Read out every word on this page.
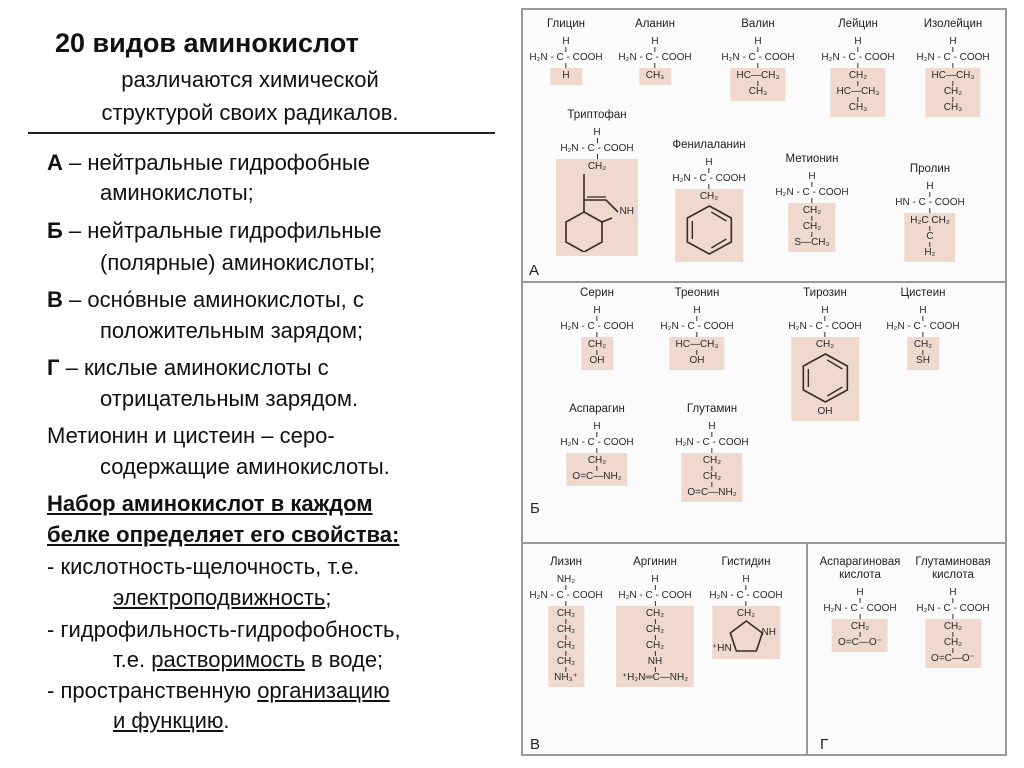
20 видов аминокислот
различаются химической
структурой своих радикалов.
А – нейтральные гидрофобные
аминокислоты;
Б – нейтральные гидрофильные
(полярные) аминокислоты;
В – осно́вные аминокислоты, с
положительным зарядом;
Г – кислые аминокислоты с
отрицательным зарядом.
Метионин и цистеин – серо-
содержащие аминокислоты.
Набор аминокислот в каждом
белке определяет его свойства:
- кислотность-щелочность, т.е.
электроподвижность;
- гидрофильность-гидрофобность,
т.е. растворимость в воде;
- пространственную организацию
и функцию.
А
Б
В	Г
Глицин
H
H₂N - C - COOH
H
Аланин
H
H₂N - C - COOH
CH₃
Валин
H
H₂N - C - COOH
HC—CH₃
CH₃
Лейцин
H
H₂N - C - COOH
CH₂
HC—CH₃
CH₃
Изолейцин
H
H₂N - C - COOH
HC—CH₃
CH₂
CH₃
Триптофан
H
H₂N - C - COOH
CH₂
NH
Фенилаланин
H
H₂N - C - COOH
CH₂
Метионин
H
H₂N - C - COOH
CH₂
CH₂
S—CH₃
Пролин
H
HN - C - COOH
H₂C CH₂
C
H₂
Серин
H
H₂N - C - COOH
CH₂
OH
Треонин
H
H₂N - C - COOH
HC—CH₃
OH
Тирозин
H
H₂N - C - COOH
CH₂
OH
Цистеин
H
H₂N - C - COOH
CH₂
SH
Аспарагин
H
H₂N - C - COOH
CH₂
O=C—NH₂
Глутамин
H
H₂N - C - COOH
CH₂
CH₂
O=C—NH₂
Лизин
NH₂
H₂N - C - COOH
CH₂
CH₂
CH₂
CH₂
NH₃⁺
Аргинин
H
H₂N - C - COOH
CH₂
CH₂
CH₂
NH
⁺H₂N═C—NH₂
Гистидин
H
H₂N - C - COOH
CH₂
NH
⁺HN
Аспарагиновая
кислота
H
H₂N - C - COOH
CH₂
O=C—O⁻
Глутаминовая
кислота
H
H₂N - C - COOH
CH₂
CH₂
O=C—O⁻
